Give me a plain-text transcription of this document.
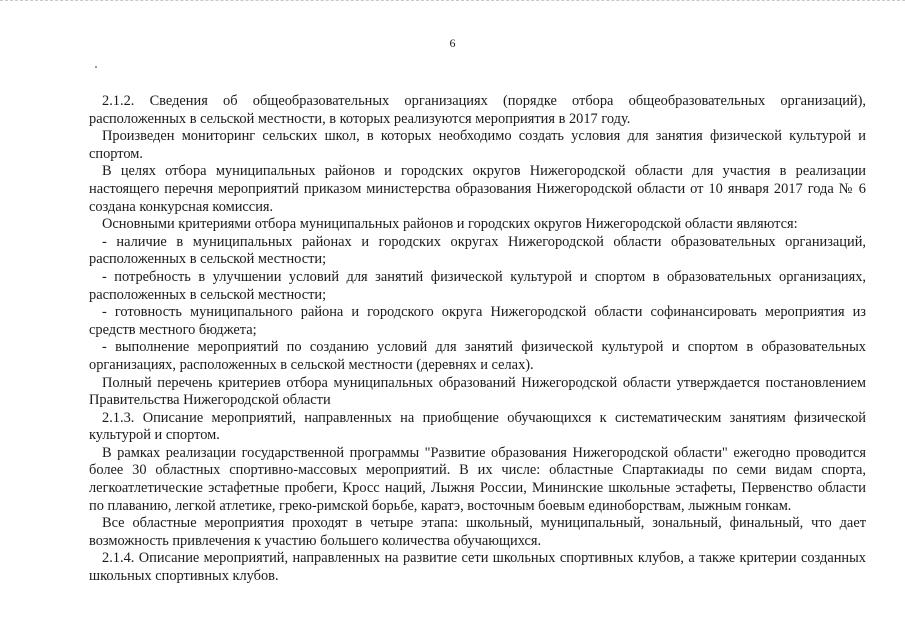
6

2.1.2. Сведения об общеобразовательных организациях (порядке отбора общеобразовательных организаций), расположенных в сельской местности, в которых реализуются мероприятия в 2017 году.

Произведен мониторинг сельских школ, в которых необходимо создать условия для занятия физической культурой и спортом.

В целях отбора муниципальных районов и городских округов Нижегородской области для участия в реализации настоящего перечня мероприятий приказом министерства образования Нижегородской области от 10 января 2017 года № 6 создана конкурсная комиссия.

Основными критериями отбора муниципальных районов и городских округов Нижегородской области являются:

- наличие в муниципальных районах и городских округах Нижегородской области образовательных организаций, расположенных в сельской местности;

- потребность в улучшении условий для занятий физической культурой и спортом в образовательных организациях, расположенных в сельской местности;

- готовность муниципального района и городского округа Нижегородской области софинансировать мероприятия из средств местного бюджета;

- выполнение мероприятий по созданию условий для занятий физической культурой и спортом в образовательных организациях, расположенных в сельской местности (деревнях и селах).

Полный перечень критериев отбора муниципальных образований Нижегородской области утверждается постановлением Правительства Нижегородской области

2.1.3. Описание мероприятий, направленных на приобщение обучающихся к систематическим занятиям физической культурой и спортом.

В рамках реализации государственной программы "Развитие образования Нижегородской области" ежегодно проводится более 30 областных спортивно-массовых мероприятий. В их числе: областные Спартакиады по семи видам спорта, легкоатлетические эстафетные пробеги, Кросс наций, Лыжня России, Мининские школьные эстафеты, Первенство области по плаванию, легкой атлетике, греко-римской борьбе, каратэ, восточным боевым единоборствам, лыжным гонкам.

Все областные мероприятия проходят в четыре этапа: школьный, муниципальный, зональный, финальный, что дает возможность привлечения к участию большего количества обучающихся.

2.1.4. Описание мероприятий, направленных на развитие сети школьных спортивных клубов, а также критерии созданных школьных спортивных клубов.
